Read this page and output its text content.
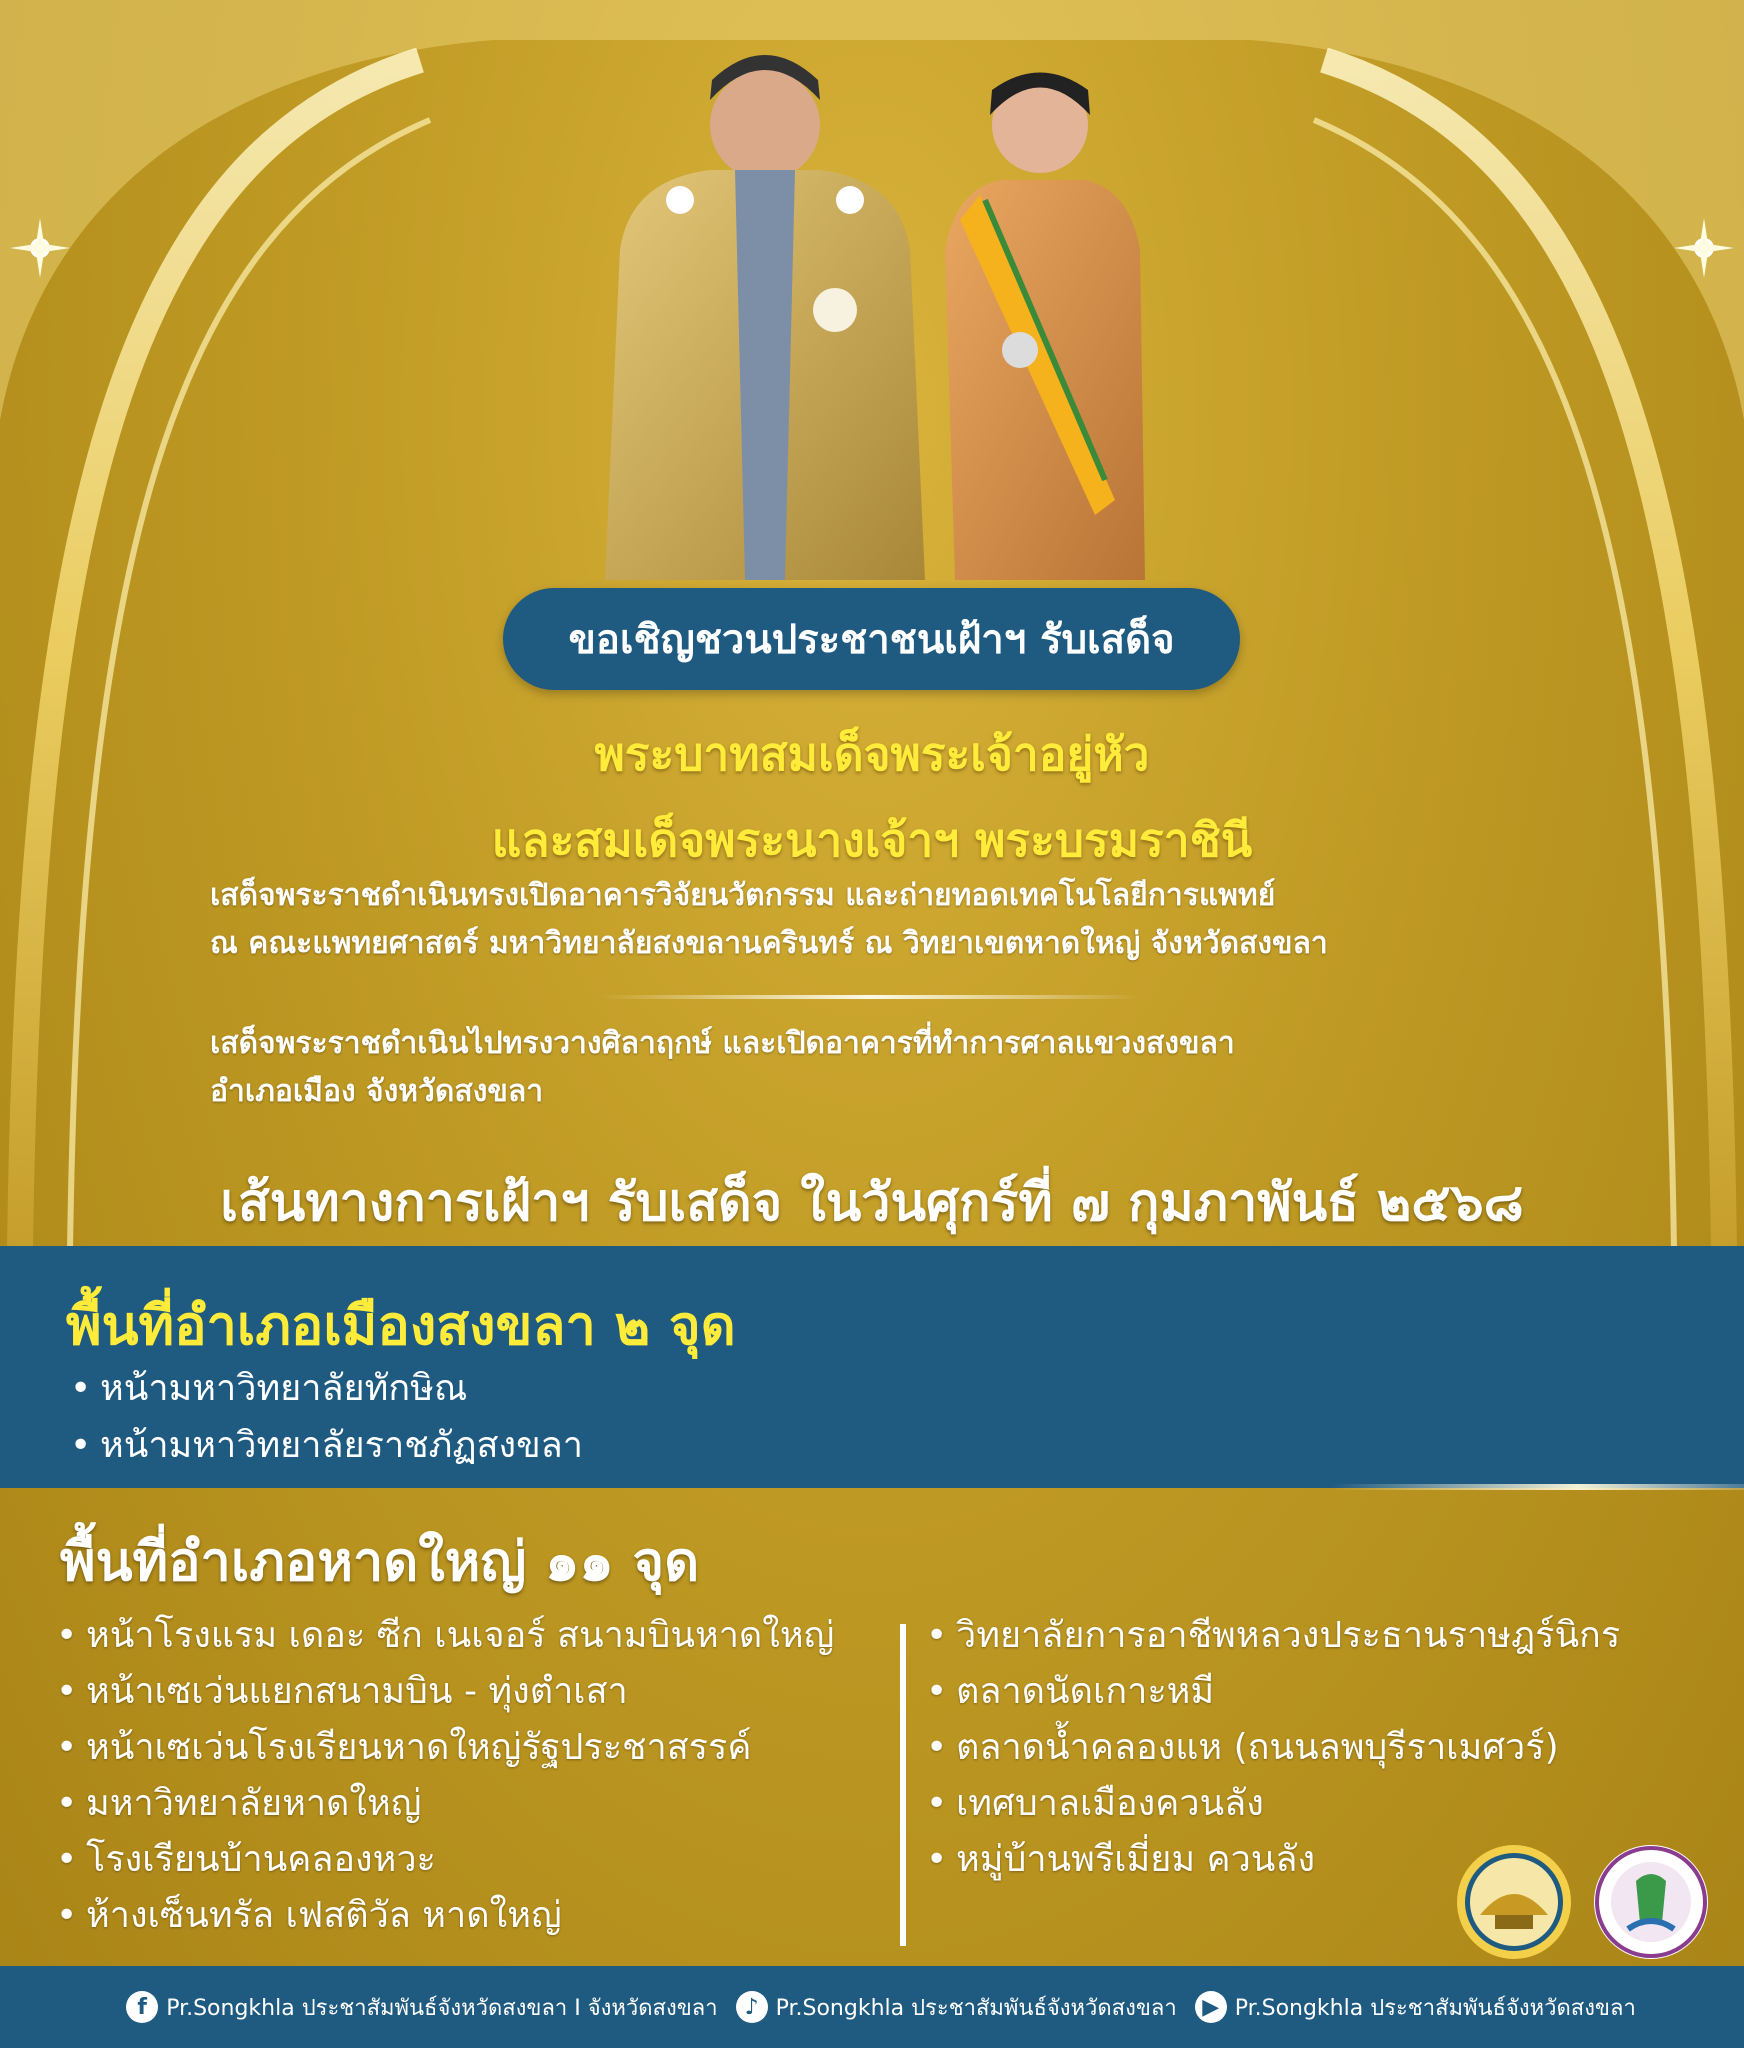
ขอเชิญชวนประชาชนเฝ้าฯ รับเสด็จ
พระบาทสมเด็จพระเจ้าอยู่หัว
และสมเด็จพระนางเจ้าฯ พระบรมราชินี
เสด็จพระราชดำเนินทรงเปิดอาคารวิจัยนวัตกรรม และถ่ายทอดเทคโนโลยีการแพทย์
ณ คณะแพทยศาสตร์ มหาวิทยาลัยสงขลานครินทร์ ณ วิทยาเขตหาดใหญ่ จังหวัดสงขลา
เสด็จพระราชดำเนินไปทรงวางศิลาฤกษ์ และเปิดอาคารที่ทำการศาลแขวงสงขลา
อำเภอเมือง จังหวัดสงขลา
เส้นทางการเฝ้าฯ รับเสด็จ ในวันศุกร์ที่ ๗ กุมภาพันธ์ ๒๕๖๘
พื้นที่อำเภอเมืองสงขลา ๒ จุด
• หน้ามหาวิทยาลัยทักษิณ
• หน้ามหาวิทยาลัยราชภัฏสงขลา
พื้นที่อำเภอหาดใหญ่ ๑๑ จุด
• หน้าโรงแรม เดอะ ซีก เนเจอร์ สนามบินหาดใหญ่
• หน้าเซเว่นแยกสนามบิน - ทุ่งตำเสา
• หน้าเซเว่นโรงเรียนหาดใหญ่รัฐประชาสรรค์
• มหาวิทยาลัยหาดใหญ่
• โรงเรียนบ้านคลองหวะ
• ห้างเซ็นทรัล เฟสติวัล หาดใหญ่
• วิทยาลัยการอาชีพหลวงประธานราษฎร์นิกร
• ตลาดนัดเกาะหมี
• ตลาดน้ำคลองแห (ถนนลพบุรีราเมศวร์)
• เทศบาลเมืองควนลัง
• หมู่บ้านพรีเมี่ยม ควนลัง
f Pr.Songkhla ประชาสัมพันธ์จังหวัดสงขลา I จังหวัดสงขลา	♪ Pr.Songkhla ประชาสัมพันธ์จังหวัดสงขลา	▶ Pr.Songkhla ประชาสัมพันธ์จังหวัดสงขลา
